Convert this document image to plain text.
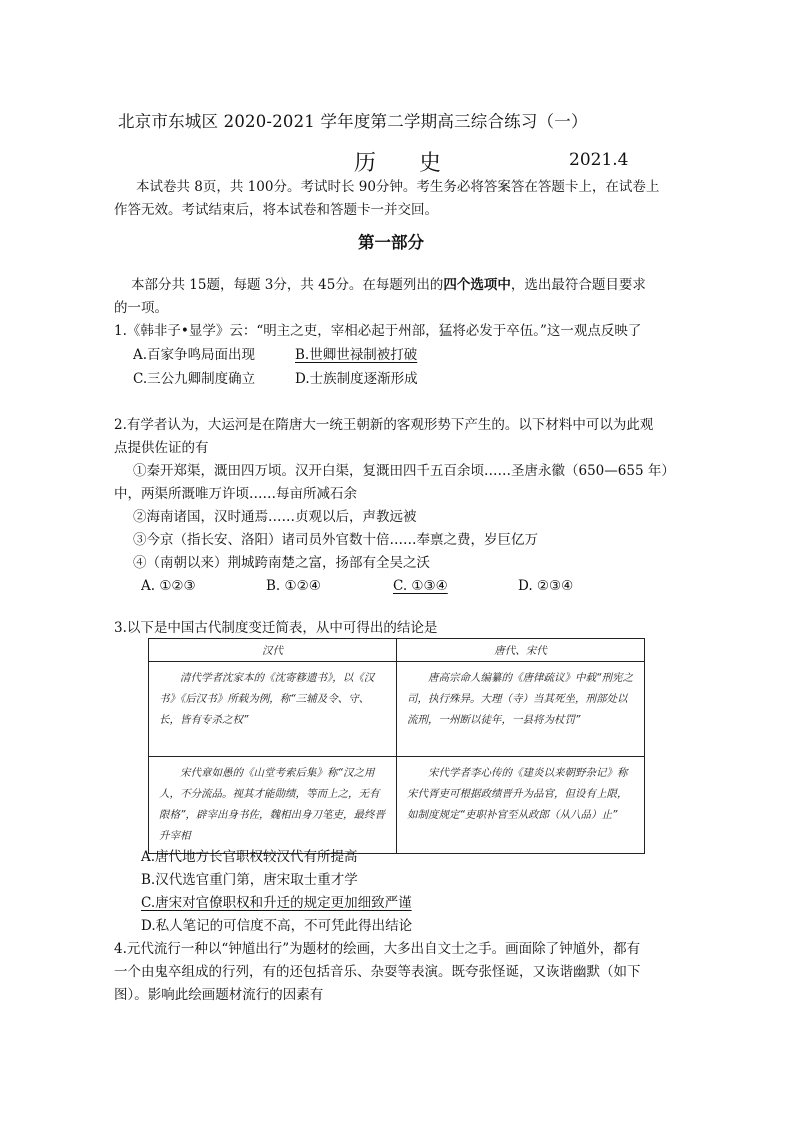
北京市东城区 2020-2021 学年度第二学期高三综合练习（一）
历 史	2021.4
本试卷共 8页，共 100分。考试时长 90分钟。考生务必将答案答在答题卡上，在试卷上
作答无效。考试结束后，将本试卷和答题卡一并交回。
第一部分
本部分共 15题，每题 3分，共 45分。在每题列出的四个选项中，选出最符合题目要求
的一项。
1.《韩非子•显学》云：“明主之吏，宰相必起于州部，猛将必发于卒伍。”这一观点反映了
A.百家争鸣局面出现	B.世卿世禄制被打破
C.三公九卿制度确立	D.士族制度逐渐形成
2.有学者认为，大运河是在隋唐大一统王朝新的客观形势下产生的。以下材料中可以为此观
点提供佐证的有
①秦开郑渠，溉田四万顷。汉开白渠，复溉田四千五百余顷……圣唐永徽（650—655 年）
中，两渠所溉唯万许顷……每亩所减石余
②海南诸国，汉时通焉……贞观以后，声教远被
③今京（指长安、洛阳）诸司员外官数十倍……奉禀之费，岁巨亿万
④（南朝以来）荆城跨南楚之富，扬部有全吴之沃
A. ①②③	B. ①②④	C. ①③④	D. ②③④
3.以下是中国古代制度变迁简表，从中可得出的结论是
汉代	唐代、宋代
清代学者沈家本的《沈寄簃遗书》，以《汉书》《后汉书》所载为例，称“三辅及令、守、长，皆有专杀之权”	唐高宗命人编纂的《唐律疏议》中载“刑宪之司，执行殊异。大理（寺）当其死坐，刑部处以流刑，一州断以徒年，一县将为杖罚”
宋代章如愚的《山堂考索后集》称“汉之用人，不分流品。视其才能勋绩，等而上之，无有限格”，辟宰出身书佐，魏相出身刀笔吏，最终晋升宰相	宋代学者李心传的《建炎以来朝野杂记》称宋代胥吏可根据政绩晋升为品官，但设有上限，如制度规定“吏职补官至从政郎（从八品）止”
A.唐代地方长官职权较汉代有所提高
B.汉代选官重门第，唐宋取士重才学
C.唐宋对官僚职权和升迁的规定更加细致严谨
D.私人笔记的可信度不高，不可凭此得出结论
4.元代流行一种以“钟馗出行”为题材的绘画，大多出自文士之手。画面除了钟馗外，都有
一个由鬼卒组成的行列，有的还包括音乐、杂耍等表演。既夸张怪诞，又诙谐幽默（如下
图）。影响此绘画题材流行的因素有
